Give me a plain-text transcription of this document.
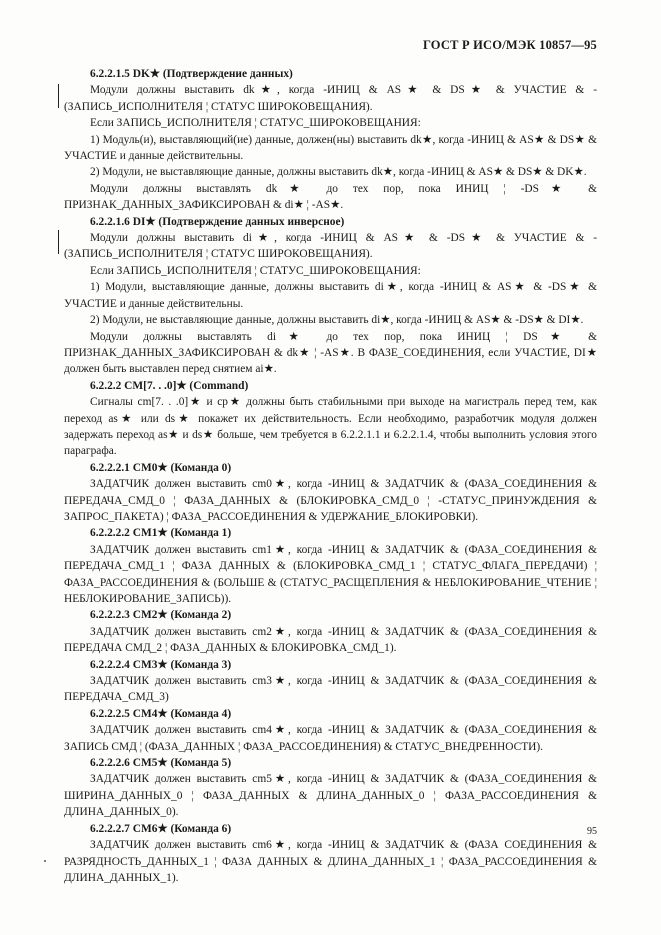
ГОСТ Р ИСО/МЭК 10857—95

6.2.2.1.5 DK★ (Подтверждение данных)

Модули должны выставить dk★, когда -ИНИЦ & AS★ & DS★ & УЧАСТИЕ & -(ЗАПИСЬ_ИСПОЛНИТЕЛЯ ¦ СТАТУС ШИРОКОВЕЩАНИЯ).

Если ЗАПИСЬ_ИСПОЛНИТЕЛЯ ¦ СТАТУС_ШИРОКОВЕЩАНИЯ:

1) Модуль(и), выставляющий(ие) данные, должен(ны) выставить dk★, когда -ИНИЦ & AS★ & DS★ & УЧАСТИЕ и данные действительны.

2) Модули, не выставляющие данные, должны выставить dk★, когда -ИНИЦ & AS★ & DS★ & DK★.

Модули должны выставлять dk★ до тех пор, пока ИНИЦ ¦ -DS★ & ПРИЗНАК_ДАННЫХ_ЗАФИКСИРОВАН & di★ ¦ -AS★.

6.2.2.1.6 DI★ (Подтверждение данных инверсное)

Модули должны выставить di★, когда -ИНИЦ & AS★ & -DS★ & УЧАСТИЕ & -(ЗАПИСЬ_ИСПОЛНИТЕЛЯ ¦ СТАТУС ШИРОКОВЕЩАНИЯ).

Если ЗАПИСЬ_ИСПОЛНИТЕЛЯ ¦ СТАТУС_ШИРОКОВЕЩАНИЯ:

1) Модули, выставляющие данные, должны выставить di★, когда -ИНИЦ & AS★ & -DS★ & УЧАСТИЕ и данные действительны.

2) Модули, не выставляющие данные, должны выставить di★, когда -ИНИЦ & AS★ & -DS★ & DI★.

Модули должны выставлять di★ до тех пор, пока ИНИЦ ¦ DS★ & ПРИЗНАК_ДАННЫХ_ЗАФИКСИРОВАН & dk★ ¦ -AS★. В ФАЗЕ_СОЕДИНЕНИЯ, если УЧАСТИЕ, DI★ должен быть выставлен перед снятием ai★.

6.2.2.2 CM[7. . .0]★ (Command)

Сигналы cm[7. . .0]★ и cp★ должны быть стабильными при выходе на магистраль перед тем, как переход as★ или ds★ покажет их действительность. Если необходимо, разработчик модуля должен задержать переход as★ и ds★ больше, чем требуется в 6.2.2.1.1 и 6.2.2.1.4, чтобы выполнить условия этого параграфа.

6.2.2.2.1 CM0★ (Команда 0)

ЗАДАТЧИК должен выставить cm0★, когда -ИНИЦ & ЗАДАТЧИК & (ФАЗА_СОЕДИНЕНИЯ & ПЕРЕДАЧА_СМД_0 ¦ ФАЗА_ДАННЫХ & (БЛОКИРОВКА_СМД_0 ¦ -СТАТУС_ПРИНУЖДЕНИЯ & ЗАПРОС_ПАКЕТА) ¦ ФАЗА_РАССОЕДИНЕНИЯ & УДЕРЖАНИЕ_БЛОКИРОВКИ).

6.2.2.2.2 CM1★ (Команда 1)

ЗАДАТЧИК должен выставить cm1★, когда -ИНИЦ & ЗАДАТЧИК & (ФАЗА_СОЕДИНЕНИЯ & ПЕРЕДАЧА_СМД_1 ¦ ФАЗА ДАННЫХ & (БЛОКИРОВКА_СМД_1 ¦ СТАТУС_ФЛАГА_ПЕРЕДАЧИ) ¦ ФАЗА_РАССОЕДИНЕНИЯ & (БОЛЬШЕ & (СТАТУС_РАСЩЕПЛЕНИЯ & НЕБЛОКИРОВАНИЕ_ЧТЕНИЕ ¦ НЕБЛОКИРОВАНИЕ_ЗАПИСЬ)).

6.2.2.2.3 CM2★ (Команда 2)

ЗАДАТЧИК должен выставить cm2★, когда -ИНИЦ & ЗАДАТЧИК & (ФАЗА_СОЕДИНЕНИЯ & ПЕРЕДАЧА СМД_2 ¦ ФАЗА_ДАННЫХ & БЛОКИРОВКА_СМД_1).

6.2.2.2.4 CM3★ (Команда 3)

ЗАДАТЧИК должен выставить cm3★, когда -ИНИЦ & ЗАДАТЧИК & (ФАЗА_СОЕДИНЕНИЯ & ПЕРЕДАЧА_СМД_3)

6.2.2.2.5 CM4★ (Команда 4)

ЗАДАТЧИК должен выставить cm4★, когда -ИНИЦ & ЗАДАТЧИК & (ФАЗА_СОЕДИНЕНИЯ & ЗАПИСЬ СМД ¦ (ФАЗА_ДАННЫХ ¦ ФАЗА_РАССОЕДИНЕНИЯ) & СТАТУС_ВНЕДРЕННОСТИ).

6.2.2.2.6 CM5★ (Команда 5)

ЗАДАТЧИК должен выставить cm5★, когда -ИНИЦ & ЗАДАТЧИК & (ФАЗА_СОЕДИНЕНИЯ & ШИРИНА_ДАННЫХ_0 ¦ ФАЗА_ДАННЫХ & ДЛИНА_ДАННЫХ_0 ¦ ФАЗА_РАССОЕДИНЕНИЯ & ДЛИНА_ДАННЫХ_0).

6.2.2.2.7 CM6★ (Команда 6)

ЗАДАТЧИК должен выставить cm6★, когда -ИНИЦ & ЗАДАТЧИК & (ФАЗА СОЕДИНЕНИЯ & РАЗРЯДНОСТЬ_ДАННЫХ_1 ¦ ФАЗА ДАННЫХ & ДЛИНА_ДАННЫХ_1 ¦ ФАЗА_РАССОЕДИНЕНИЯ & ДЛИНА_ДАННЫХ_1).

95
